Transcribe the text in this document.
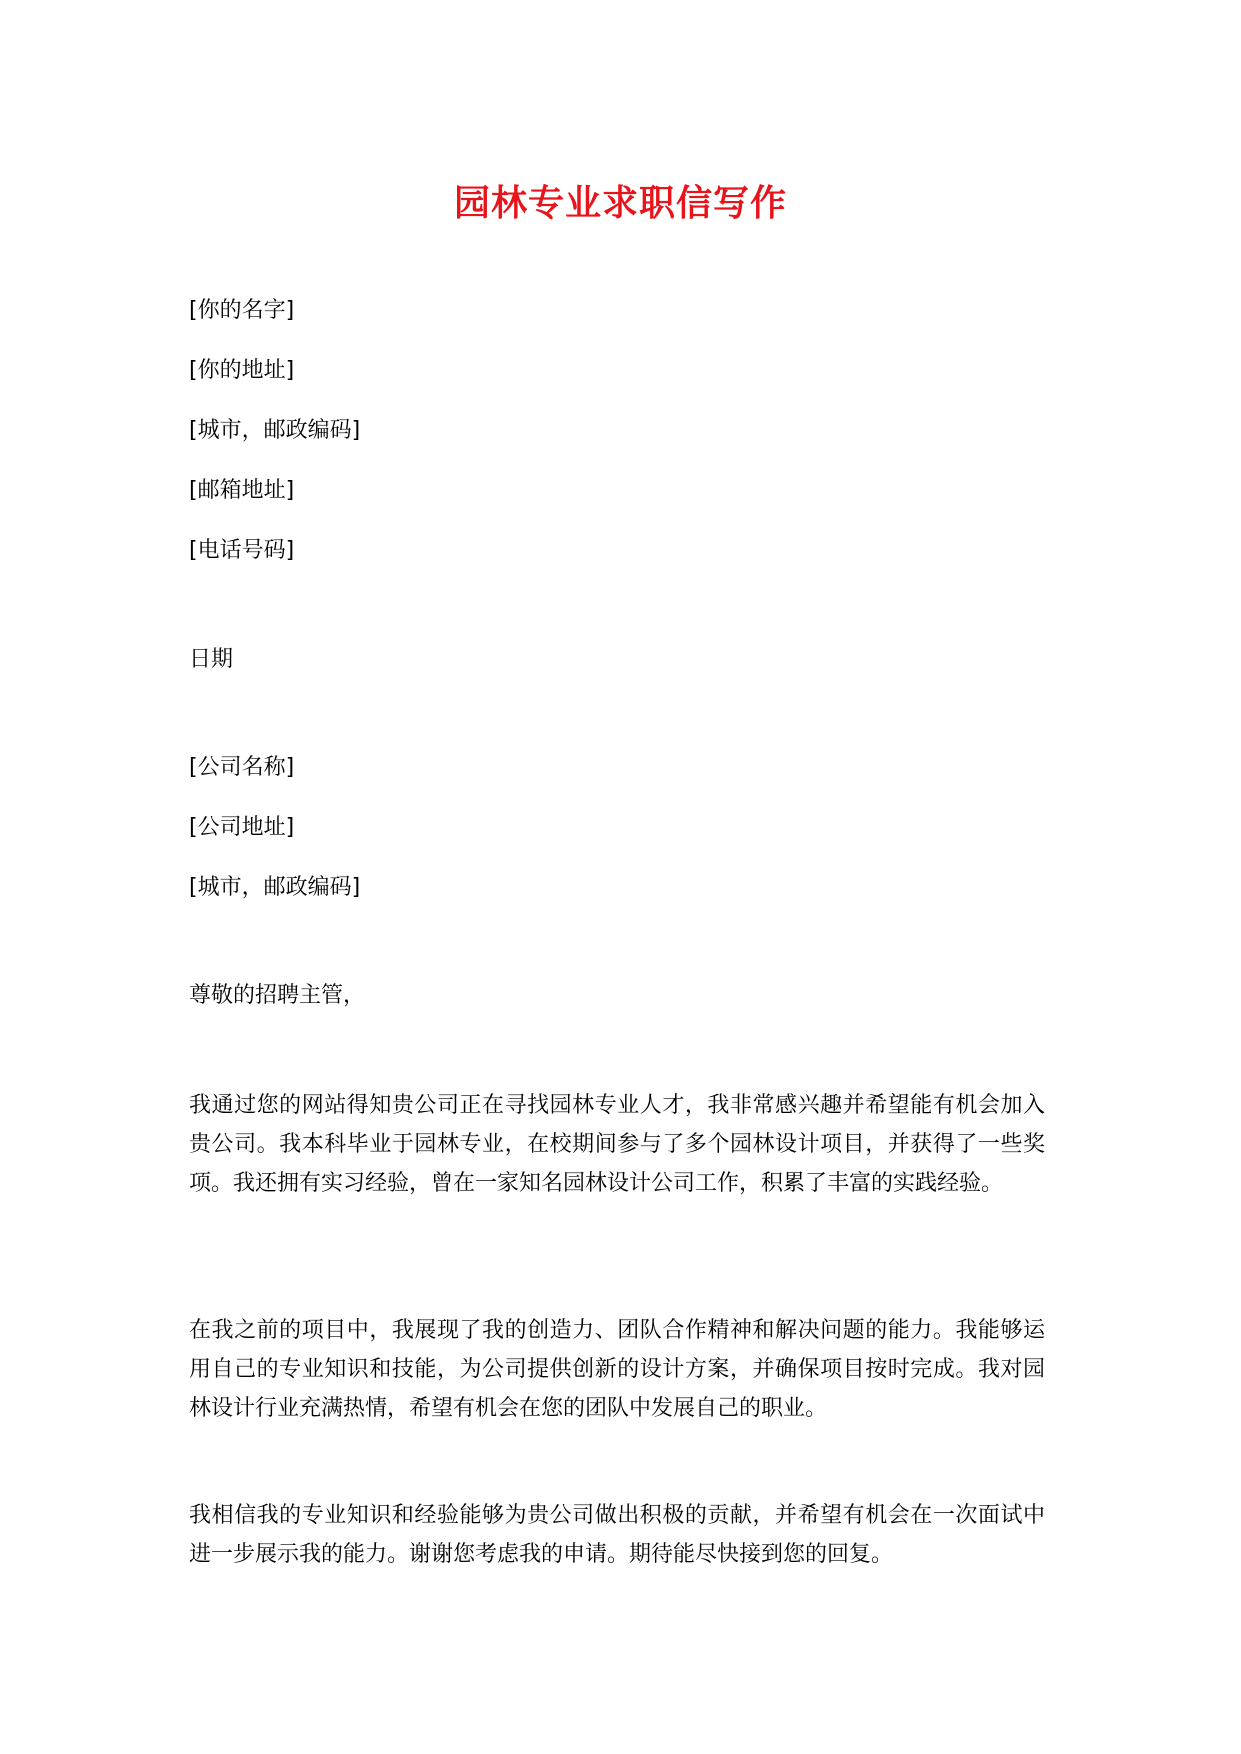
园林专业求职信写作
[你的名字]
[你的地址]
[城市，邮政编码]
[邮箱地址]
[电话号码]
日期
[公司名称]
[公司地址]
[城市，邮政编码]
尊敬的招聘主管，

我通过您的网站得知贵公司正在寻找园林专业人才，我非常感兴趣并希望能有机会加入贵公司。我本科毕业于园林专业，在校期间参与了多个园林设计项目，并获得了一些奖项。我还拥有实习经验，曾在一家知名园林设计公司工作，积累了丰富的实践经验。

在我之前的项目中，我展现了我的创造力、团队合作精神和解决问题的能力。我能够运用自己的专业知识和技能，为公司提供创新的设计方案，并确保项目按时完成。我对园林设计行业充满热情，希望有机会在您的团队中发展自己的职业。

我相信我的专业知识和经验能够为贵公司做出积极的贡献，并希望有机会在一次面试中进一步展示我的能力。谢谢您考虑我的申请。期待能尽快接到您的回复。
